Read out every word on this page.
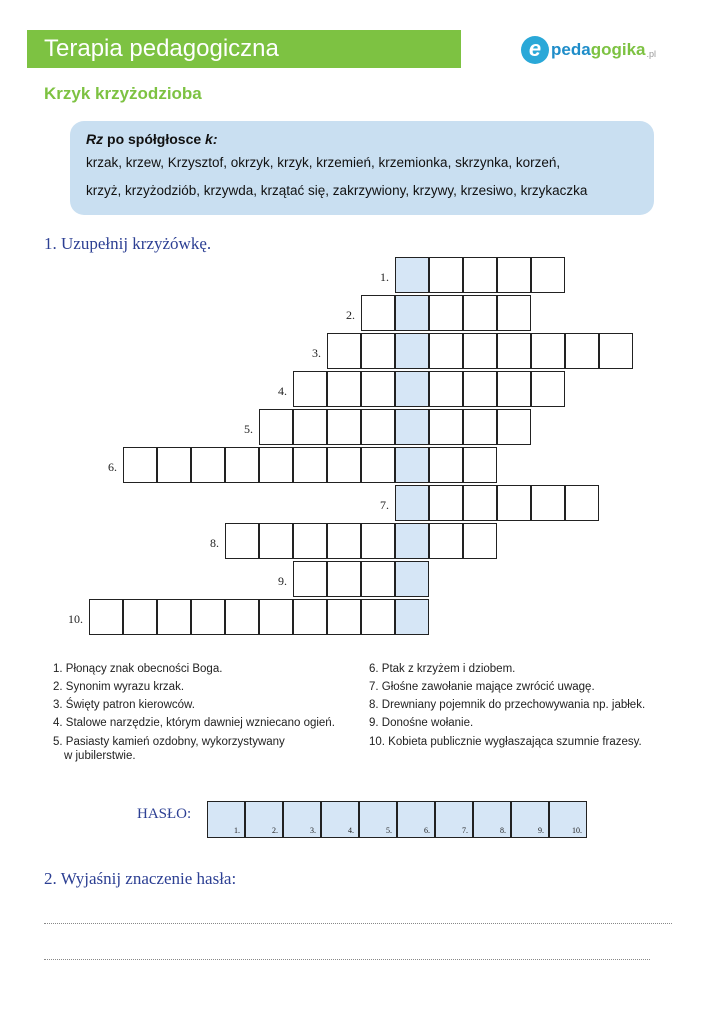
Terapia pedagogiczna	e peda gogika .pl
Krzyk krzyżodzioba
Rz po spółgłosce k:
krzak, krzew, Krzysztof, okrzyk, krzyk, krzemień, krzemionka, skrzynka, korzeń,
krzyż, krzyżodziób, krzywda, krzątać się, zakrzywiony, krzywy, krzesiwo, krzykaczka
1. Uzupełnij krzyżówkę.
1.
2.
3.
4.
5.
6.
7.
8.
9.
10.
1. Płonący znak obecności Boga.
2. Synonim wyrazu krzak.
3. Święty patron kierowców.
4. Stalowe narzędzie, którym dawniej wzniecano ogień.
5. Pasiasty kamień ozdobny, wykorzystywany
w jubilerstwie.
6. Ptak z krzyżem i dziobem.
7. Głośne zawołanie mające zwrócić uwagę.
8. Drewniany pojemnik do przechowywania np. jabłek.
9. Donośne wołanie.
10. Kobieta publicznie wygłaszająca szumnie frazesy.
HASŁO:
1.	2.	3.	4.	5.	6.	7.	8.	9.	10.
2. Wyjaśnij znaczenie hasła:
